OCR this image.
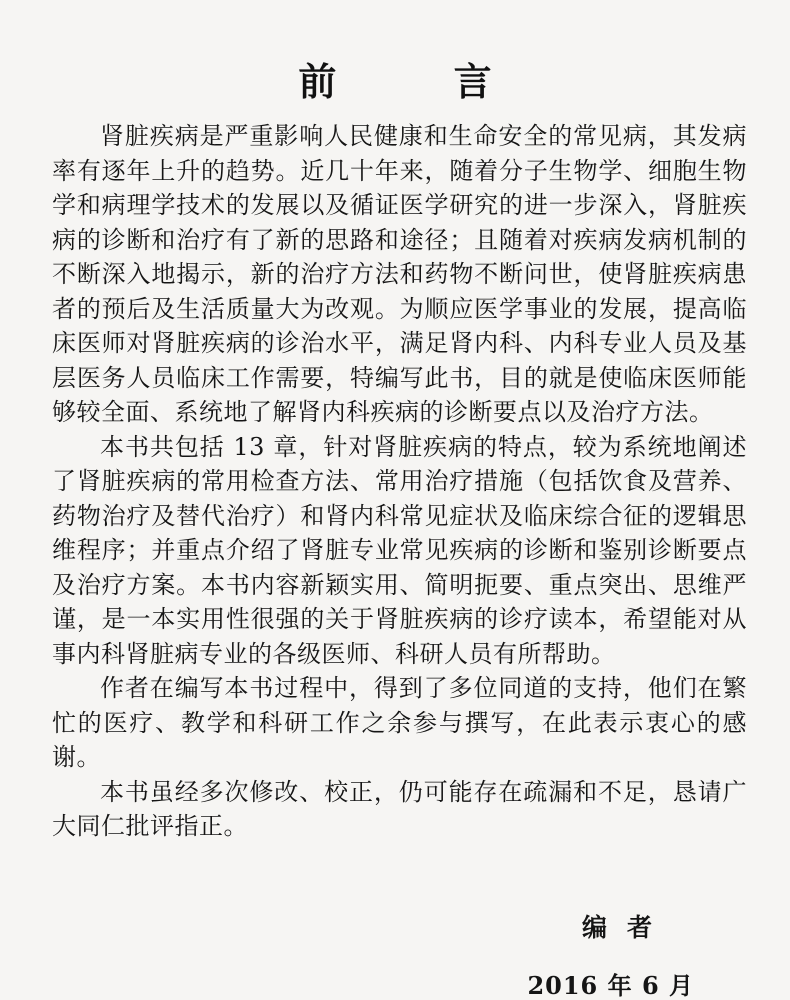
前 言

肾脏疾病是严重影响人民健康和生命安全的常见病，其发病率有逐年上升的趋势。近几十年来，随着分子生物学、细胞生物学和病理学技术的发展以及循证医学研究的进一步深入，肾脏疾病的诊断和治疗有了新的思路和途径；且随着对疾病发病机制的不断深入地揭示，新的治疗方法和药物不断问世，使肾脏疾病患者的预后及生活质量大为改观。为顺应医学事业的发展，提高临床医师对肾脏疾病的诊治水平，满足肾内科、内科专业人员及基层医务人员临床工作需要，特编写此书，目的就是使临床医师能够较全面、系统地了解肾内科疾病的诊断要点以及治疗方法。

本书共包括 13 章，针对肾脏疾病的特点，较为系统地阐述了肾脏疾病的常用检查方法、常用治疗措施（包括饮食及营养、药物治疗及替代治疗）和肾内科常见症状及临床综合征的逻辑思维程序；并重点介绍了肾脏专业常见疾病的诊断和鉴别诊断要点及治疗方案。本书内容新颖实用、简明扼要、重点突出、思维严谨，是一本实用性很强的关于肾脏疾病的诊疗读本，希望能对从事内科肾脏病专业的各级医师、科研人员有所帮助。

作者在编写本书过程中，得到了多位同道的支持，他们在繁忙的医疗、教学和科研工作之余参与撰写，在此表示衷心的感谢。

本书虽经多次修改、校正，仍可能存在疏漏和不足，恳请广大同仁批评指正。

编者
2016 年 6 月
